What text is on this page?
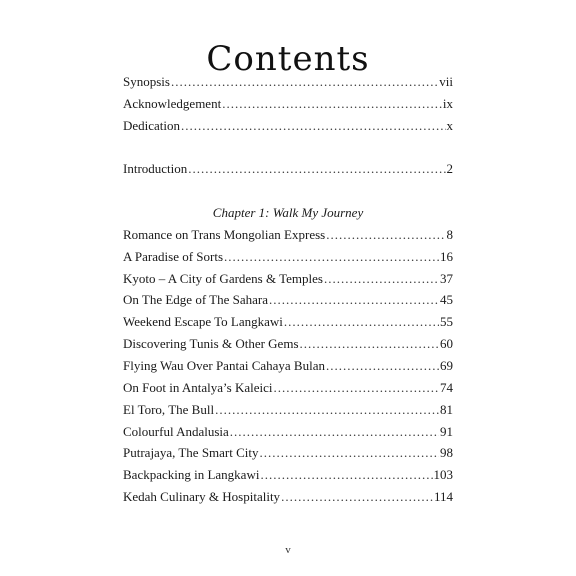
Contents
Synopsis .....	vii
Acknowledgement .....	ix
Dedication .....	x
Introduction .....	2
Romance on Trans Mongolian Express .....	8
A Paradise of Sorts .....	16
Kyoto – A City of Gardens & Temples .....	37
On The Edge of The Sahara .....	45
Weekend Escape To Langkawi .....	55
Discovering Tunis & Other Gems .....	60
Flying Wau Over Pantai Cahaya Bulan .....	69
On Foot in Antalya’s Kaleici .....	74
El Toro, The Bull .....	81
Colourful Andalusia .....	91
Putrajaya, The Smart City .....	98
Backpacking in Langkawi .....	103
Kedah Culinary & Hospitality .....	114
Chapter 1: Walk My Journey
v
